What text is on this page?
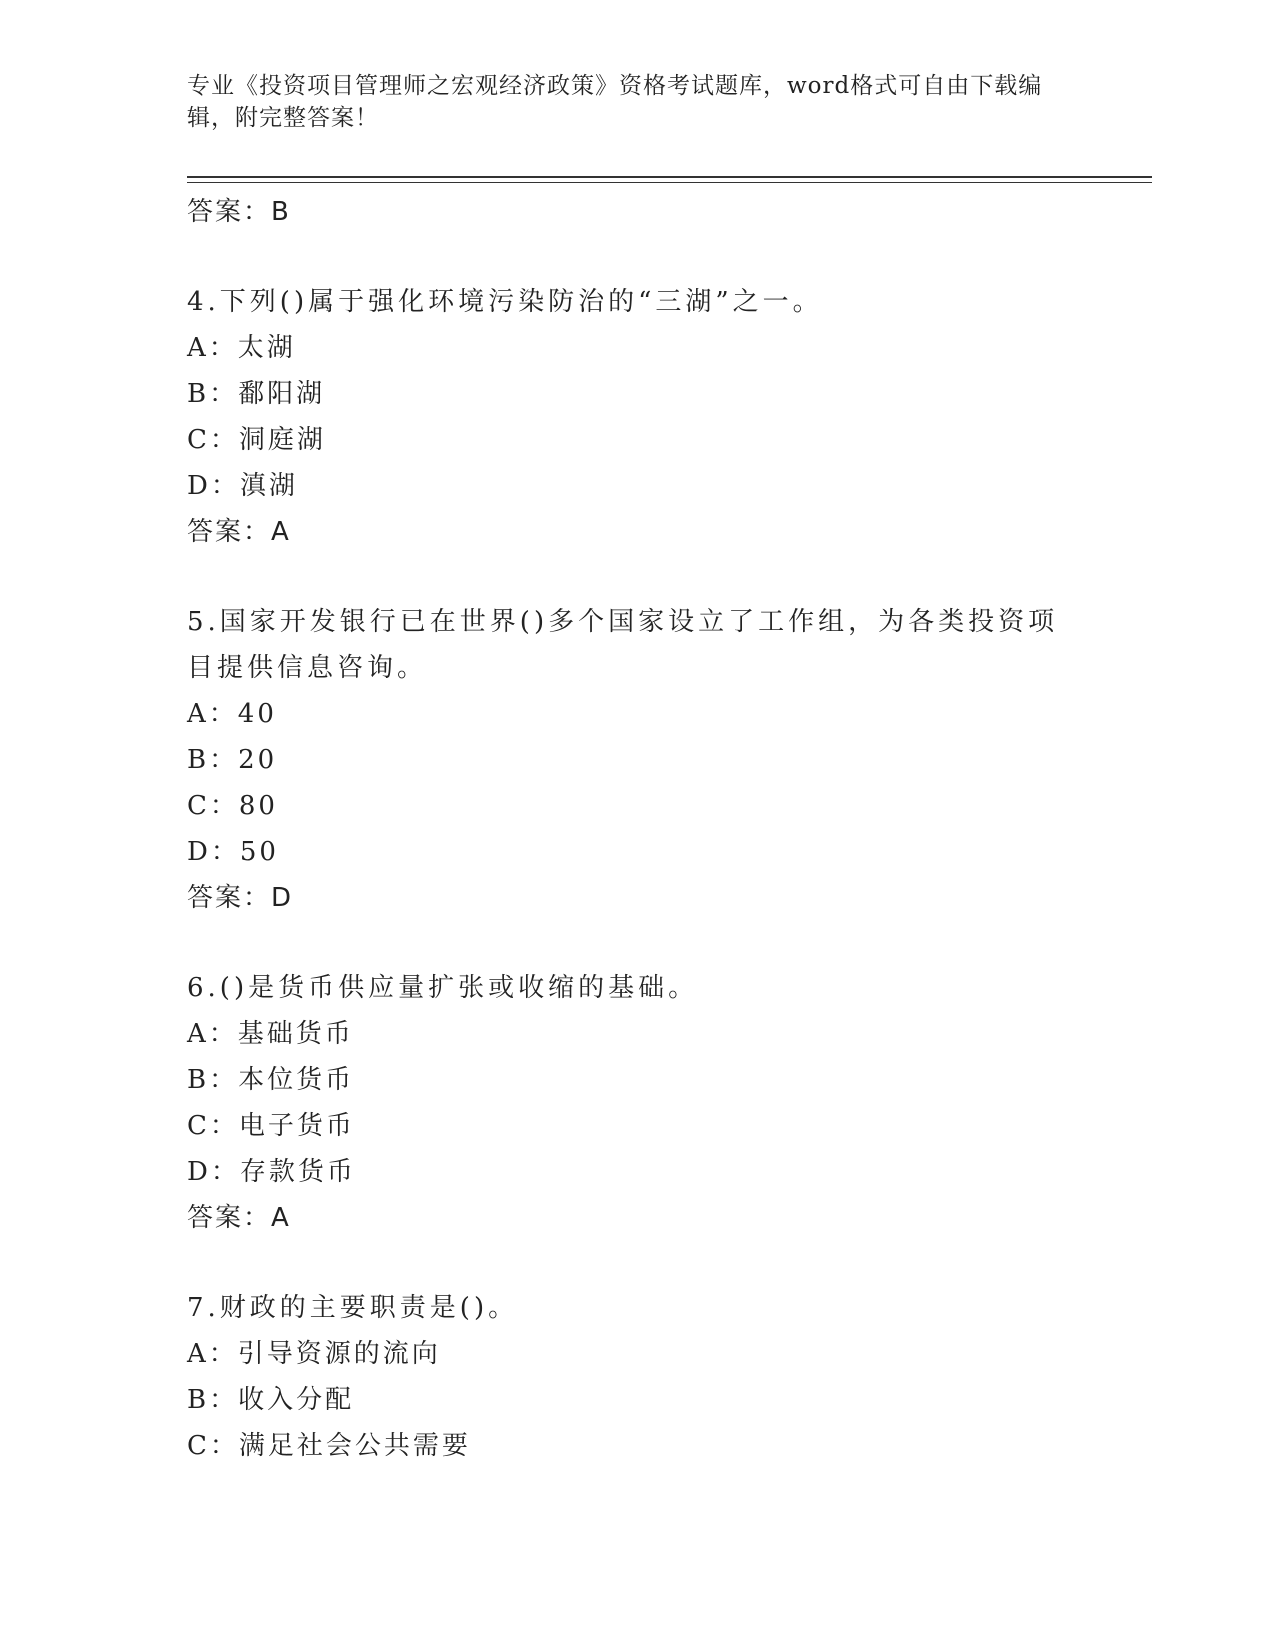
专业《投资项目管理师之宏观经济政策》资格考试题库，word格式可自由下载编辑，附完整答案！

答案：B

4.下列()属于强化环境污染防治的“三湖”之一。

A：太湖

B：鄱阳湖

C：洞庭湖

D：滇湖

答案：A

5.国家开发银行已在世界()多个国家设立了工作组，为各类投资项目提供信息咨询。

A：40

B：20

C：80

D：50

答案：D

6.()是货币供应量扩张或收缩的基础。

A：基础货币

B：本位货币

C：电子货币

D：存款货币

答案：A

7.财政的主要职责是()。

A：引导资源的流向

B：收入分配

C：满足社会公共需要
